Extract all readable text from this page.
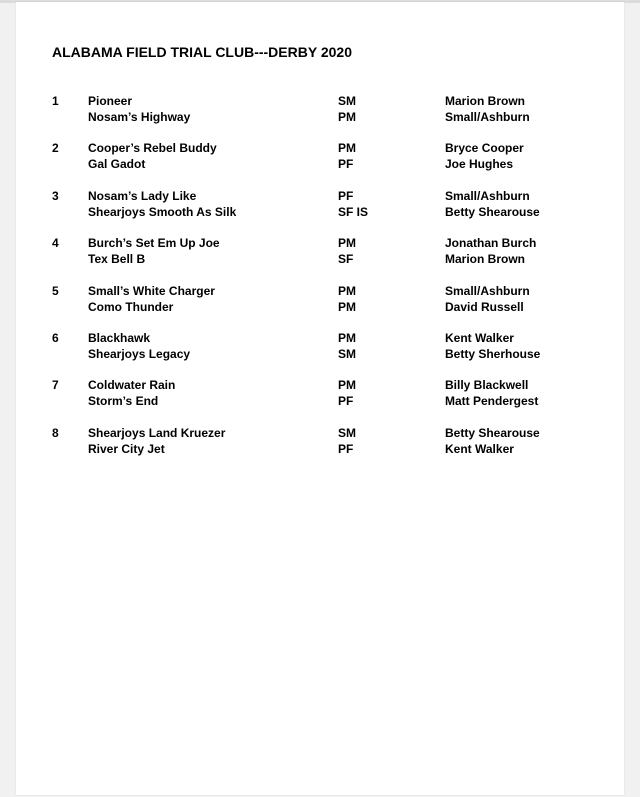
ALABAMA FIELD TRIAL CLUB---DERBY 2020
1 Pioneer	SM	Marion Brown
Nosam’s Highway	PM	Small/Ashburn
2 Cooper’s Rebel Buddy	PM	Bryce Cooper
Gal Gadot	PF	Joe Hughes
3 Nosam’s Lady Like	PF	Small/Ashburn
Shearjoys Smooth As Silk	SF IS	Betty Shearouse
4 Burch’s Set Em Up Joe	PM	Jonathan Burch
Tex Bell B	SF	Marion Brown
5 Small’s White Charger	PM	Small/Ashburn
Como Thunder	PM	David Russell
6 Blackhawk	PM	Kent Walker
Shearjoys Legacy	SM	Betty Sherhouse
7 Coldwater Rain	PM	Billy Blackwell
Storm’s End	PF	Matt Pendergest
8 Shearjoys Land Kruezer	SM	Betty Shearouse
River City Jet	PF	Kent Walker
